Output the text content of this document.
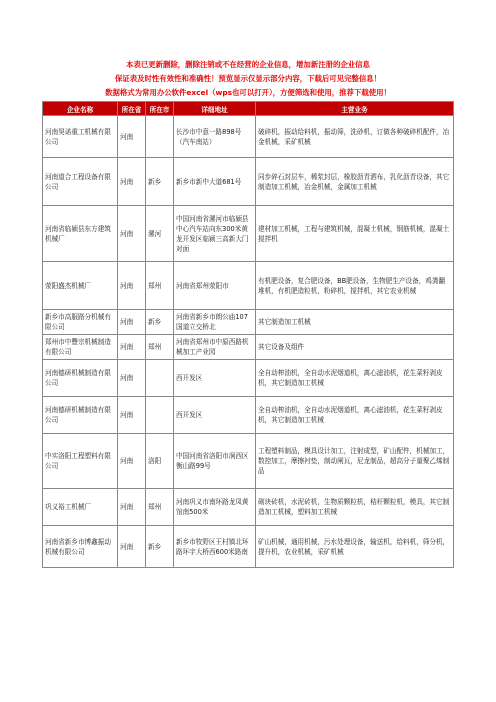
本表已更新删除，删除注销或不在经营的企业信息，增加新注册的企业信息
保证表及时性有效性和准确性！预览显示仅显示部分内容，下载后可见完整信息！
数据格式为常用办公软件excel（wps也可以打开），方便筛选和使用，推荐下载使用！
企业名称	所在省	所在市	详细地址	主营业务
河南昊诺重工机械有限公司	河南		长沙市中意一路898号（汽车南站）	破碎机，振动给料机，振动筛，洗砂机，订做各种破碎机配件，冶金机械，采矿机械
河南道合工程设备有限公司	河南	新乡	新乡市新中大道681号	同步碎石封层车，稀浆封层，橡胶沥青洒布，乳化沥青设备，其它制造加工机械，冶金机械，金属加工机械
河南省临颍县东方建筑机械厂	河南	漯河	中国河南省漯河市临颍县中心汽车站向东300米黄龙开发区临颍三高新大门对面	建材加工机械，工程与建筑机械，混凝土机械，钢筋机械，混凝土搅拌机
荥阳盛杰机械厂	河南	郑州	河南省郑州荥阳市	有机肥设备，复合肥设备，BB肥设备，生物肥生产设备，鸡粪翻堆机，有机肥造粒机，粉碎机，搅拌机，其它农业机械
新乡市高服路分机械有限公司	河南	新乡	河南省新乡市朗公庙107国道立交桥北	其它制造加工机械
郑州市中豐宗机械制造有限公司	河南	郑州	河南省郑州市中原西路机械加工产业园	其它设备及组件
河南德研机械制造有限公司	河南		西开发区	全自动榨油机，全自动水泥烟道机，离心滤油机，花生菜籽剥皮机，其它制造加工机械
河南德研机械制造有限公司	河南		西开发区	全自动榨油机，全自动水泥烟道机，离心滤油机，花生菜籽剥皮机，其它制造加工机械
中实洛阳工程塑料有限公司	河南	洛阳	中国河南省洛阳市涧西区衡山路99号	工程塑料制品，模具设计加工，注射成型，矿山配件，机械加工，数控加工，摩擦衬垫，制动闸瓦，尼龙制品，超高分子量聚乙烯制品
巩义裕工机械厂	河南	郑州	河南巩义市南环路龙凤黄馆南500米	砌块砖机，水泥砖机，生物质颗粒机，秸秆颗粒机，模具，其它制造加工机械，塑料加工机械
河南省新乡市博鑫振动机械有限公司	河南	新乡	新乡市牧野区王村镇北环路环宇大桥西600米路南	矿山机械，通用机械，污水处理设备，输送机，给料机，筛分机，提升机，农业机械，采矿机械
